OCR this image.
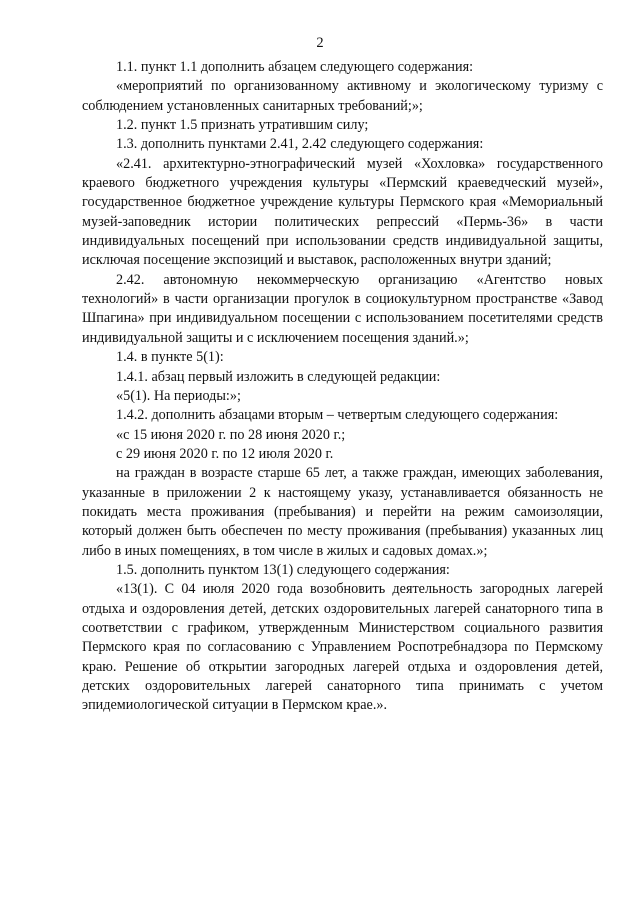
2

1.1. пункт 1.1 дополнить абзацем следующего содержания:

«мероприятий по организованному активному и экологическому туризму с соблюдением установленных санитарных требований;»;

1.2. пункт 1.5 признать утратившим силу;

1.3. дополнить пунктами 2.41, 2.42 следующего содержания:

«2.41. архитектурно-этнографический музей «Хохловка» государственного краевого бюджетного учреждения культуры «Пермский краеведческий музей», государственное бюджетное учреждение культуры Пермского края «Мемориальный музей-заповедник истории политических репрессий «Пермь-36» в части индивидуальных посещений при использовании средств индивидуальной защиты, исключая посещение экспозиций и выставок, расположенных внутри зданий;

2.42. автономную некоммерческую организацию «Агентство новых технологий» в части организации прогулок в социокультурном пространстве «Завод Шпагина» при индивидуальном посещении с использованием посетителями средств индивидуальной защиты и с исключением посещения зданий.»;

1.4. в пункте 5(1):

1.4.1. абзац первый изложить в следующей редакции:

«5(1). На периоды:»;

1.4.2. дополнить абзацами вторым – четвертым следующего содержания:

«с 15 июня 2020 г. по 28 июня 2020 г.;

с 29 июня 2020 г. по 12 июля 2020 г.

на граждан в возрасте старше 65 лет, а также граждан, имеющих заболевания, указанные в приложении 2 к настоящему указу, устанавливается обязанность не покидать места проживания (пребывания) и перейти на режим самоизоляции, который должен быть обеспечен по месту проживания (пребывания) указанных лиц либо в иных помещениях, в том числе в жилых и садовых домах.»;

1.5. дополнить пунктом 13(1) следующего содержания:

«13(1). С 04 июля 2020 года возобновить деятельность загородных лагерей отдыха и оздоровления детей, детских оздоровительных лагерей санаторного типа в соответствии с графиком, утвержденным Министерством социального развития Пермского края по согласованию с Управлением Роспотребнадзора по Пермскому краю. Решение об открытии загородных лагерей отдыха и оздоровления детей, детских оздоровительных лагерей санаторного типа принимать с учетом эпидемиологической ситуации в Пермском крае.».
